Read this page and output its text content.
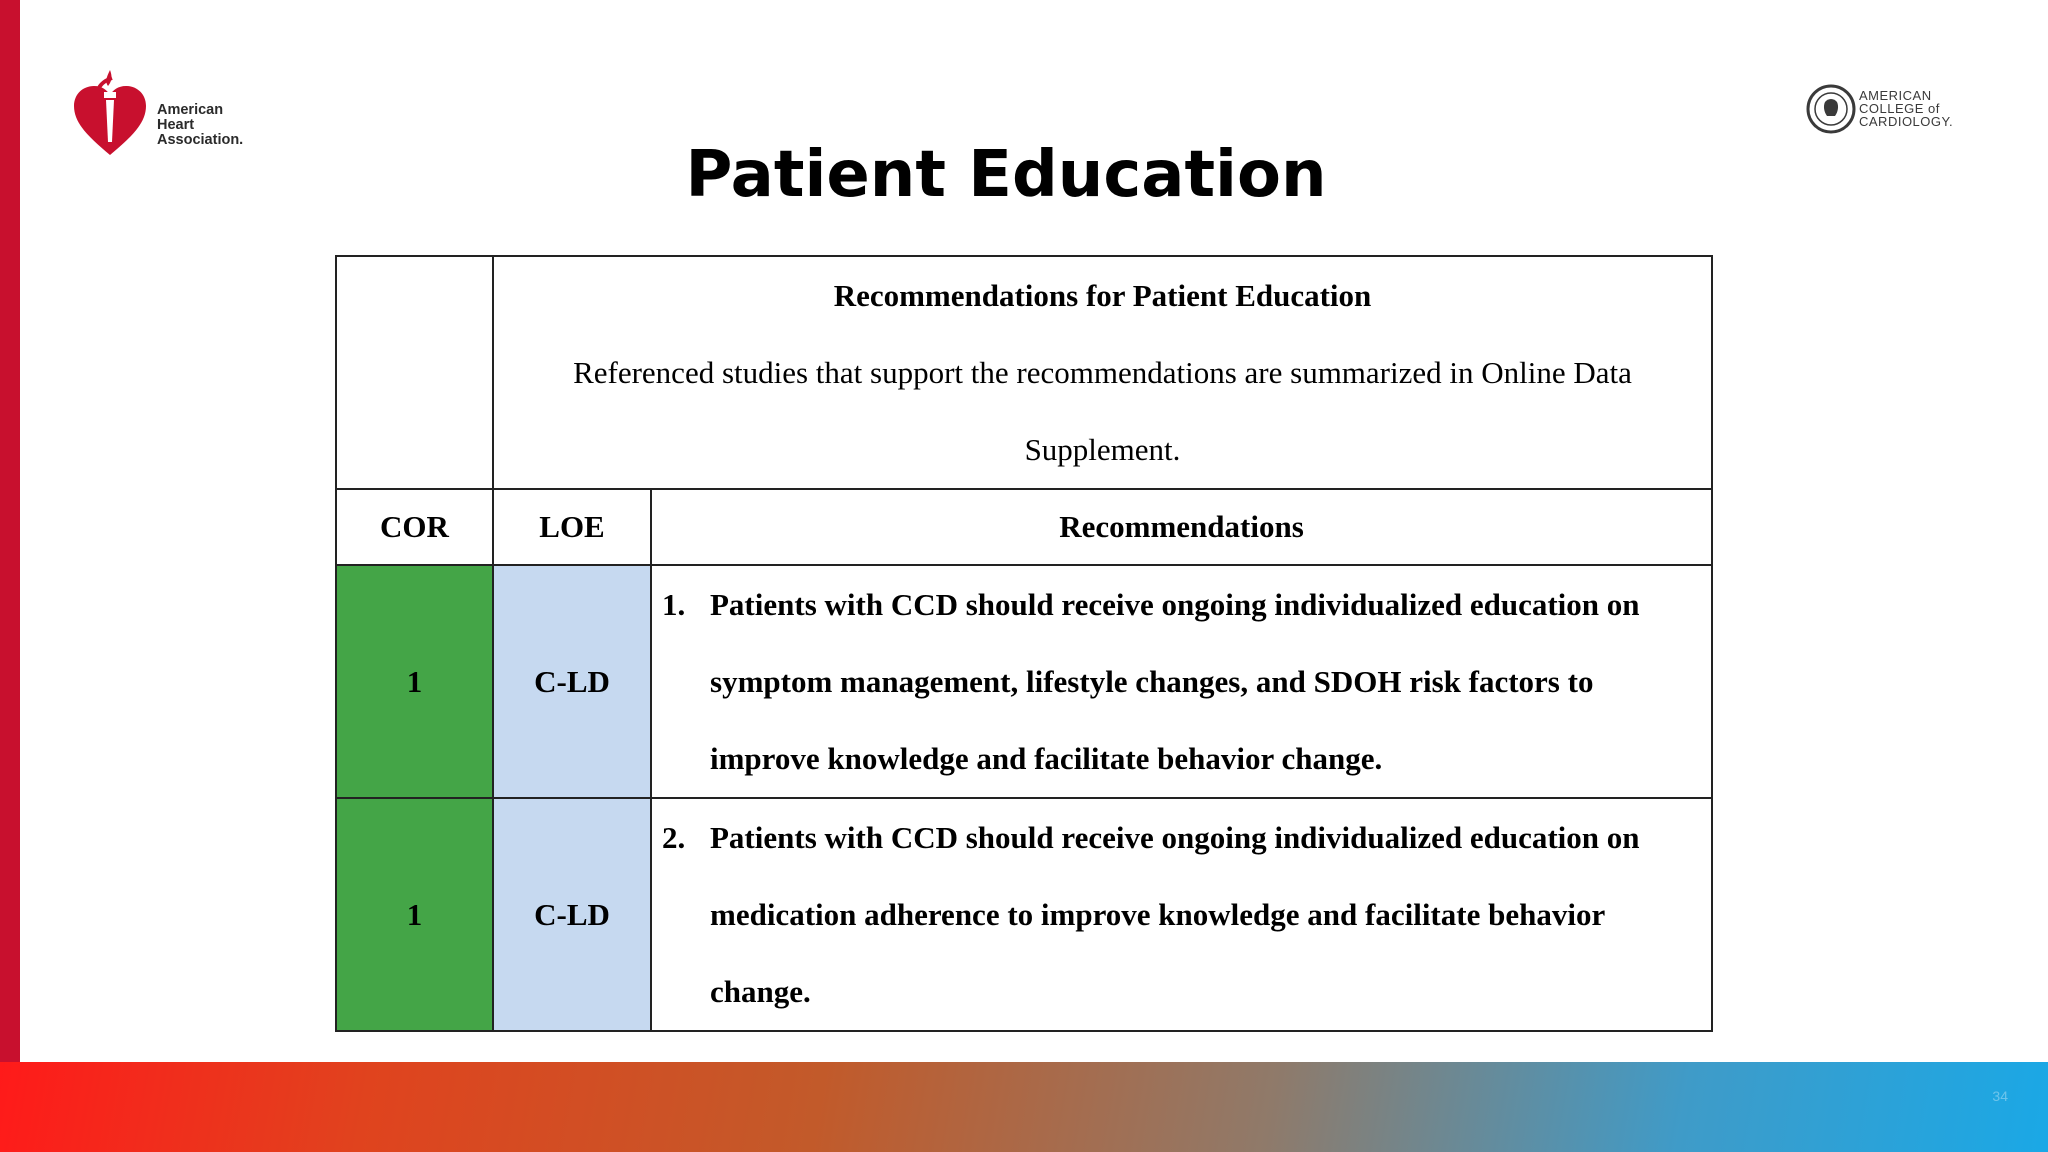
American
Heart
Association.
AMERICAN
COLLEGE of
CARDIOLOGY.
Patient Education

	Recommendations for Patient Education
Referenced studies that support the recommendations are summarized in Online Data Supplement.	

COR	LOE	Recommendations
1	C-LD	1. Patients with CCD should receive ongoing individualized education on symptom management, lifestyle changes, and SDOH risk factors to improve knowledge and facilitate behavior change.

1	C-LD	2. Patients with CCD should receive ongoing individualized education on medication adherence to improve knowledge and facilitate behavior change.
34
